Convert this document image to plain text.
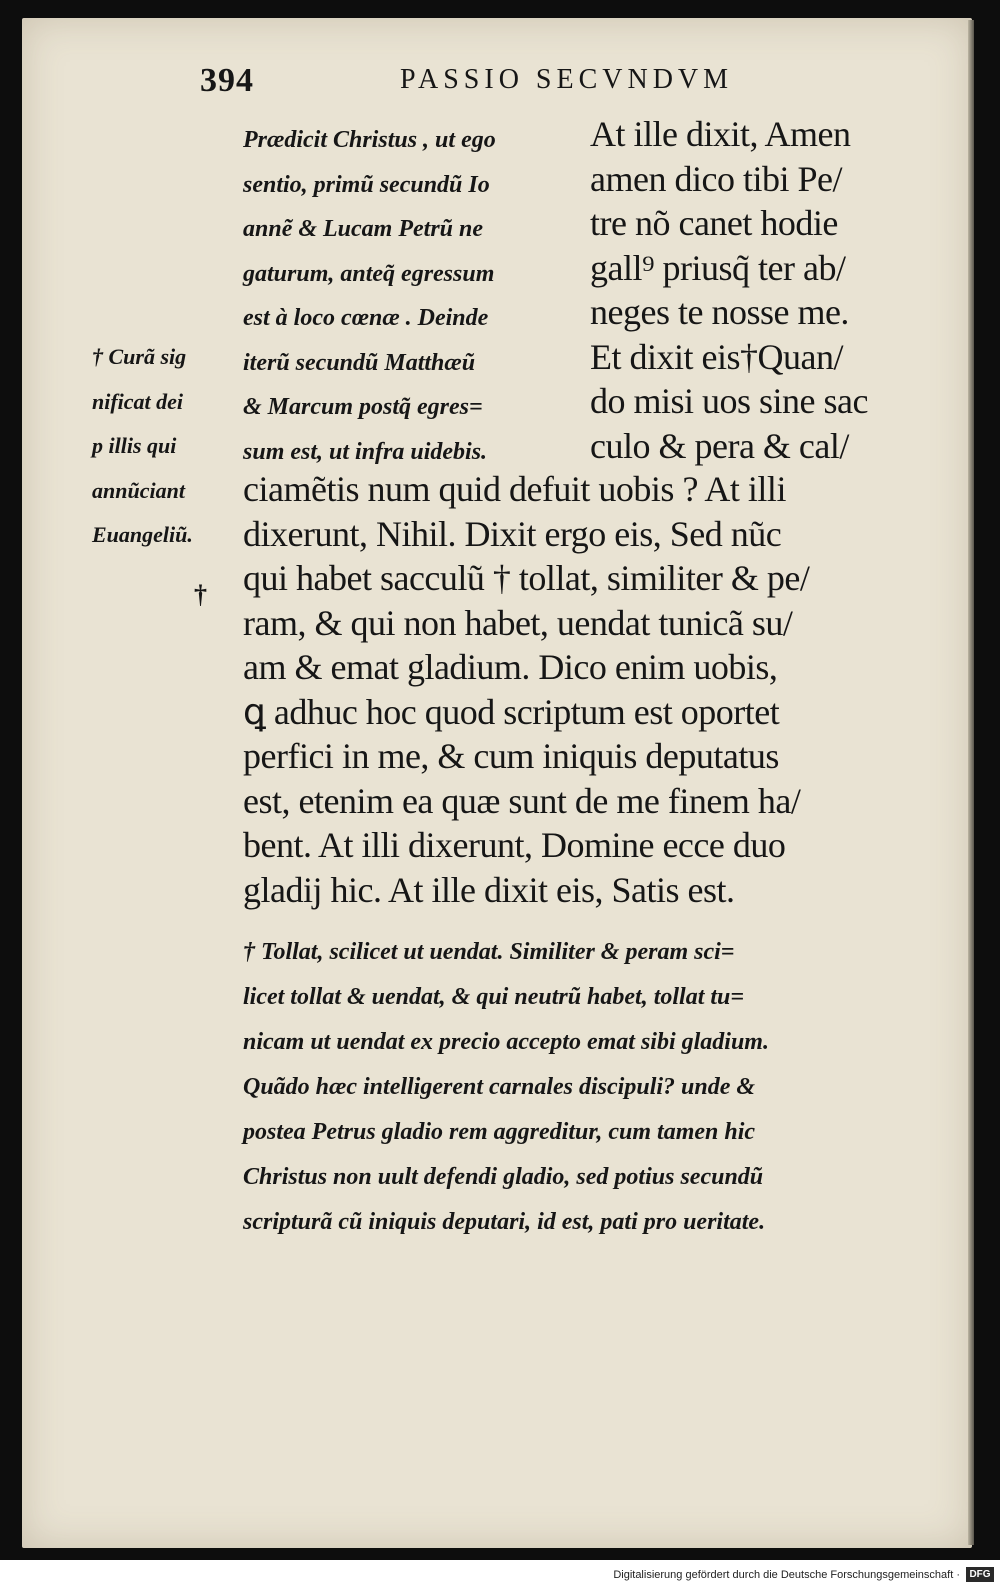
394	PASSIO SECVNDVM
Prædicit Christus , ut ego
sentio, primũ secundũ Io
annẽ & Lucam Petrũ ne
gaturum, anteq̃ egressum
est à loco cœnæ . Deinde
iterũ secundũ Matthæũ
& Marcum postq̃ egres=
sum est, ut infra uidebis.
† Curã sig
nificat dei
p illis qui
annũciant
Euangeliũ.
†
At ille dixit, Amen
amen dico tibi Pe/
tre nõ canet hodie
gall⁹ priusq̃ ter ab/
neges te nosse me.
Et dixit eis†Quan/
do misi uos sine sac
culo & pera & cal/
ciamẽtis num quid defuit uobis ? At illi
dixerunt, Nihil. Dixit ergo eis, Sed nũc
qui habet sacculũ † tollat, similiter & pe/
ram, & qui non habet, uendat tunicã su/
am & emat gladium. Dico enim uobis,
ꝗ adhuc hoc quod scriptum est oportet
perfici in me, & cum iniquis deputatus
est, etenim ea quæ sunt de me finem ha/
bent. At illi dixerunt, Domine ecce duo
gladij hic. At ille dixit eis, Satis est.
† Tollat, scilicet ut uendat. Similiter & peram sci=
licet tollat & uendat, & qui neutrũ habet, tollat tu=
nicam ut uendat ex precio accepto emat sibi gladium.
Quãdo hæc intelligerent carnales discipuli? unde &
postea Petrus gladio rem aggreditur, cum tamen hic
Christus non uult defendi gladio, sed potius secundũ
scripturã cũ iniquis deputari, id est, pati pro ueritate.
Digitalisierung gefördert durch die Deutsche Forschungsgemeinschaft · DFG
